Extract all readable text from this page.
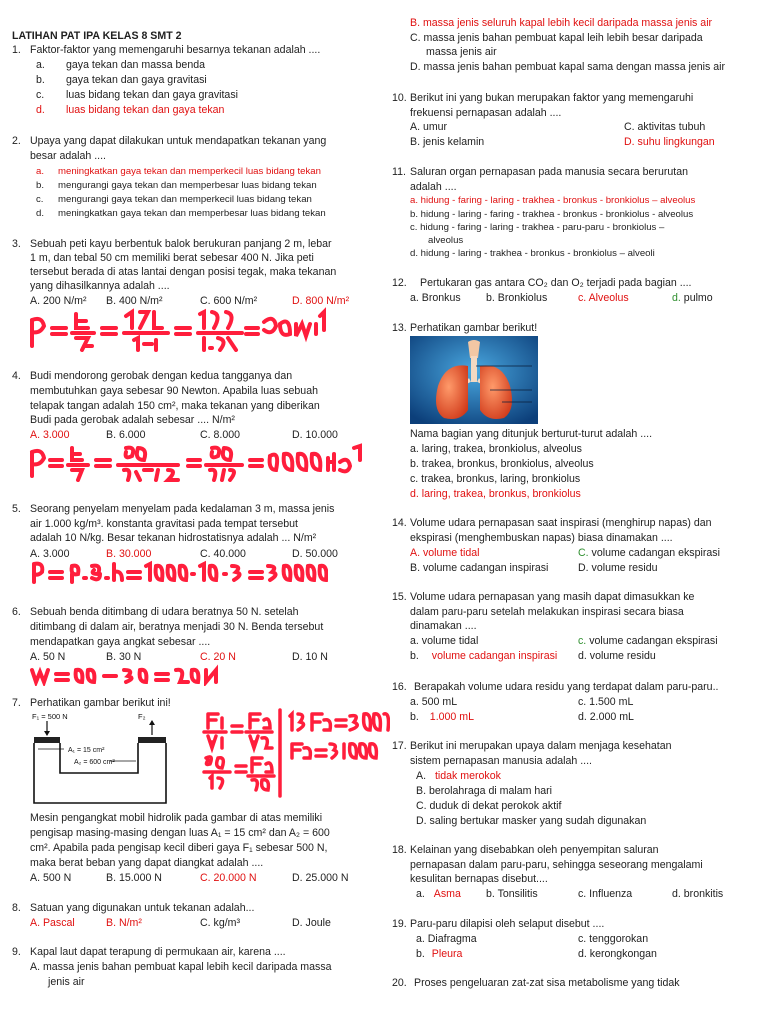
LATIHAN PAT IPA KELAS 8 SMT 2
1. Faktor-faktor yang memengaruhi besarnya tekanan adalah ....
a. gaya tekan dan massa benda
b. gaya tekan dan gaya gravitasi
c. luas bidang tekan dan gaya gravitasi
d. luas bidang tekan dan gaya tekan
2. Upaya yang dapat dilakukan untuk mendapatkan tekanan yang
besar adalah ....
a. meningkatkan gaya tekan dan memperkecil luas bidang tekan
b. mengurangi gaya tekan dan memperbesar luas bidang tekan
c. mengurangi gaya tekan dan memperkecil luas bidang tekan
d. meningkatkan gaya tekan dan memperbesar luas bidang tekan
3. Sebuah peti kayu berbentuk balok berukuran panjang 2 m, lebar
1 m, dan tebal 50 cm memiliki berat sebesar 400 N. Jika peti
tersebut berada di atas lantai dengan posisi tegak, maka tekanan
yang dihasilkannya adalah ....
A. 200 N/m² B. 400 N/m²	C. 600 N/m²	D. 800 N/m²
4. Budi mendorong gerobak dengan kedua tangganya dan
membutuhkan gaya sebesar 90 Newton. Apabila luas sebuah
telapak tangan adalah 150 cm², maka tekanan yang diberikan
Budi pada gerobak adalah sebesar .... N/m²
A. 3.000	B. 6.000	C. 8.000	D. 10.000
5. Seorang penyelam menyelam pada kedalaman 3 m, massa jenis
air 1.000 kg/m³. konstanta gravitasi pada tempat tersebut
adalah 10 N/kg. Besar tekanan hidrostatisnya adalah ... N/m²
A. 3.000	B. 30.000	C. 40.000	D. 50.000
6. Sebuah benda ditimbang di udara beratnya 50 N. setelah
ditimbang di dalam air, beratnya menjadi 30 N. Benda tersebut
mendapatkan gaya angkat sebesar ....
A. 50 N	B. 30 N	C. 20 N	D. 10 N
7. Perhatikan gambar berikut ini!
F₁ = 500 N	F₂
A₁ = 15 cm²
A₂ = 600 cm²
Mesin pengangkat mobil hidrolik pada gambar di atas memiliki
pengisap masing-masing dengan luas A₁ = 15 cm² dan A₂ = 600
cm². Apabila pada pengisap kecil diberi gaya F₁ sebesar 500 N,
maka berat beban yang dapat diangkat adalah ....
A. 500 N	B. 15.000 N	C. 20.000 N	D. 25.000 N
8. Satuan yang digunakan untuk tekanan adalah...
A. Pascal	B. N/m²	C. kg/m³	D. Joule
9. Kapal laut dapat terapung di permukaan air, karena ....
A. massa jenis bahan pembuat kapal lebih kecil daripada massa
jenis air
B. massa jenis seluruh kapal lebih kecil daripada massa jenis air
C. massa jenis bahan pembuat kapal leih lebih besar daripada
massa jenis air
D. massa jenis bahan pembuat kapal sama dengan massa jenis air
10. Berikut ini yang bukan merupakan faktor yang memengaruhi
frekuensi pernapasan adalah ....
A. umur	C. aktivitas tubuh
B. jenis kelamin	D. suhu lingkungan
11. Saluran organ pernapasan pada manusia secara berurutan
adalah ....
a. hidung - faring - laring - trakhea - bronkus - bronkiolus – alveolus
b. hidung - laring - faring - trakhea - bronkus - bronkiolus - alveolus
c. hidung - faring - laring - trakhea - paru-paru - bronkiolus –
alveolus
d. hidung - laring - trakhea - bronkus - bronkiolus – alveoli
12. Pertukaran gas antara CO₂ dan O₂ terjadi pada bagian ....
a. Bronkus b. Bronkiolus	c. Alveolus	d. pulmo
13. Perhatikan gambar berikut!
Nama bagian yang ditunjuk berturut-turut adalah ....
a. laring, trakea, bronkiolus, alveolus
b. trakea, bronkus, bronkiolus, alveolus
c. trakea, bronkus, laring, bronkiolus
d. laring, trakea, bronkus, bronkiolus
14. Volume udara pernapasan saat inspirasi (menghirup napas) dan
ekspirasi (menghembuskan napas) biasa dinamakan ....
A. volume tidal	C. volume cadangan ekspirasi
B. volume cadangan inspirasi	D. volume residu
15. Volume udara pernapasan yang masih dapat dimasukkan ke
dalam paru-paru setelah melakukan inspirasi secara biasa
dinamakan ....
a. volume tidal	c. volume cadangan ekspirasi
b. volume cadangan inspirasi d. volume residu
16. Berapakah volume udara residu yang terdapat dalam paru-paru..
a. 500 mL	c. 1.500 mL
b. 1.000 mL	d. 2.000 mL
17. Berikut ini merupakan upaya dalam menjaga kesehatan
sistem pernapasan manusia adalah ....
A. tidak merokok
B. berolahraga di malam hari
C. duduk di dekat perokok aktif
D. saling bertukar masker yang sudah digunakan
18. Kelainan yang disebabkan oleh penyempitan saluran
pernapasan dalam paru-paru, sehingga seseorang mengalami
kesulitan bernapas disebut....
a. Asma b. Tonsilitis	c. Influenza	d. bronkitis
19. Paru-paru dilapisi oleh selaput disebut ....
a. Diafragma	c. tenggorokan
b. Pleura	d. kerongkongan
20. Proses pengeluaran zat-zat sisa metabolisme yang tidak
